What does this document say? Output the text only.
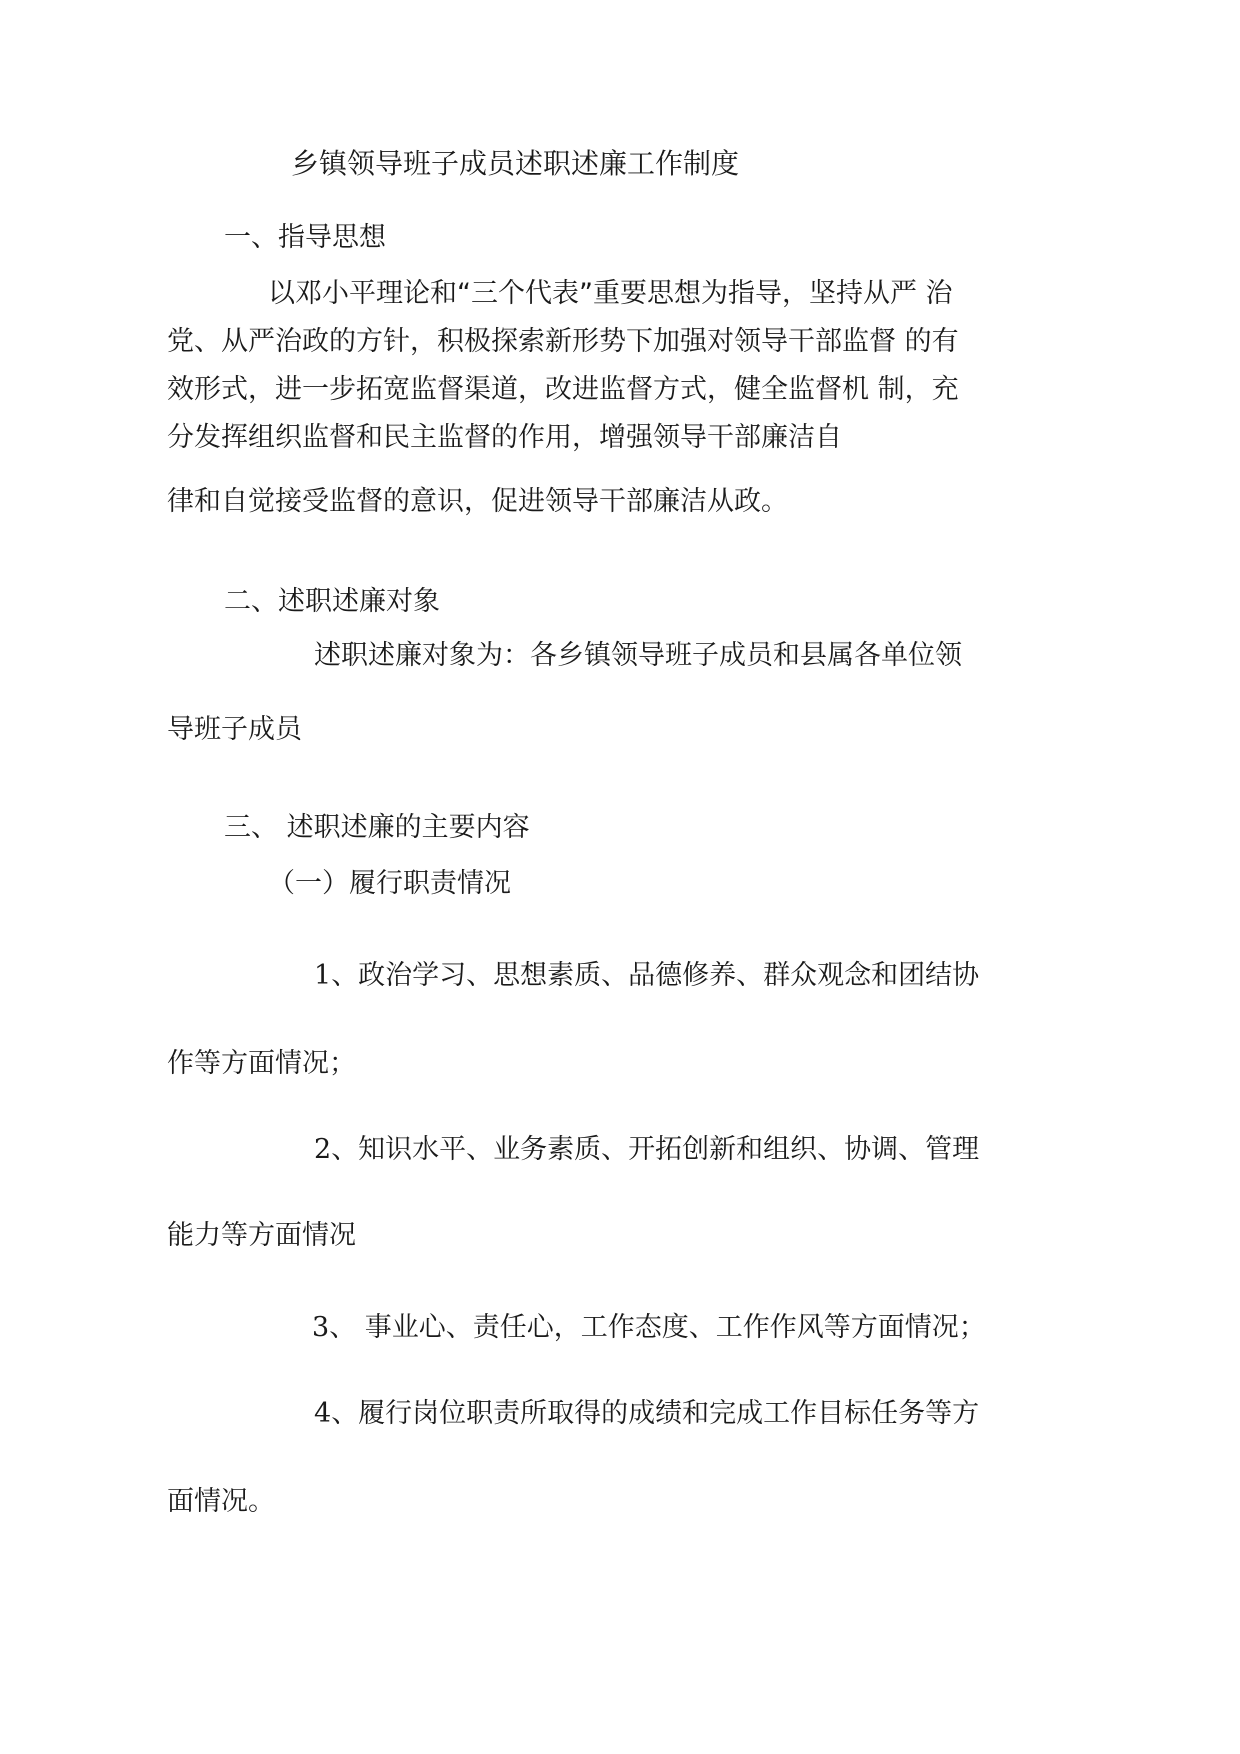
乡镇领导班子成员述职述廉工作制度
一、指导思想
以邓小平理论和“三个代表”重要思想为指导，坚持从严 治
党、从严治政的方针，积极探索新形势下加强对领导干部监督 的有
效形式，进一步拓宽监督渠道，改进监督方式，健全监督机 制，充
分发挥组织监督和民主监督的作用，增强领导干部廉洁自
律和自觉接受监督的意识，促进领导干部廉洁从政。
二、述职述廉对象
述职述廉对象为：各乡镇领导班子成员和县属各单位领
导班子成员
三、 述职述廉的主要内容
（一）履行职责情况
1、政治学习、思想素质、品德修养、群众观念和团结协
作等方面情况；
2、知识水平、业务素质、开拓创新和组织、协调、管理
能力等方面情况
3、 事业心、责任心，工作态度、工作作风等方面情况；
4、履行岗位职责所取得的成绩和完成工作目标任务等方
面情况。
